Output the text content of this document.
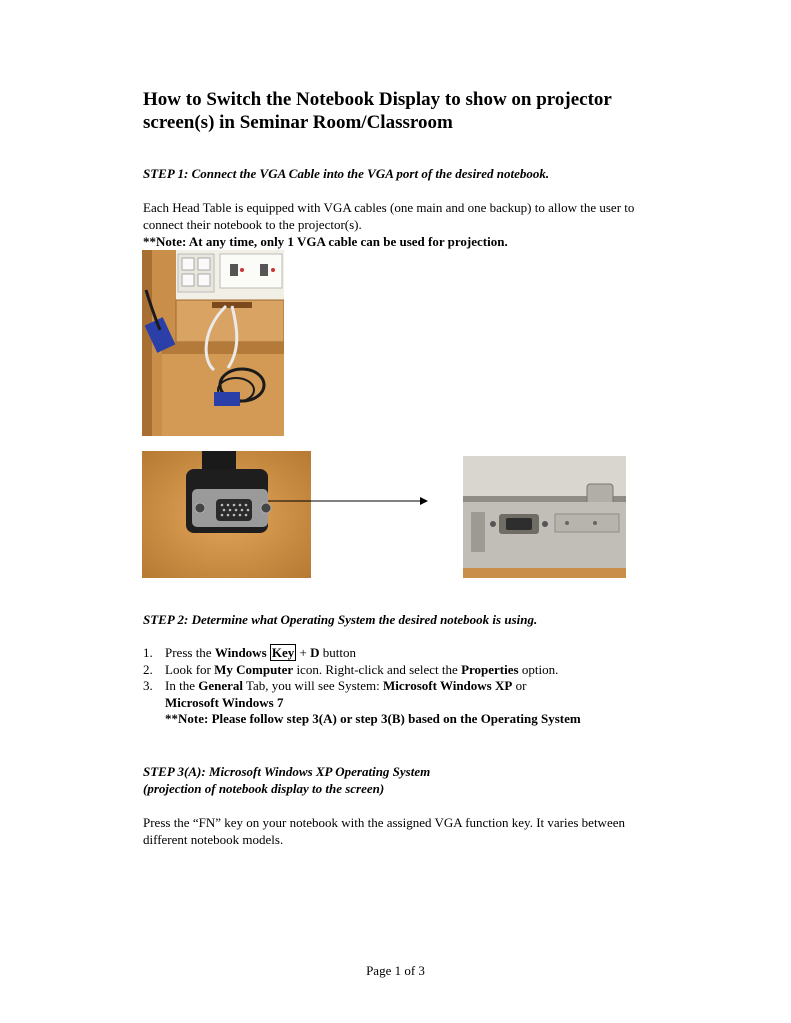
How to Switch the Notebook Display to show on projector screen(s) in Seminar Room/Classroom
STEP 1: Connect the VGA Cable into the VGA port of the desired notebook.
Each Head Table is equipped with VGA cables (one main and one backup) to allow the user to connect their notebook to the projector(s).
**Note: At any time, only 1 VGA cable can be used for projection.
STEP 2: Determine what Operating System the desired notebook is using.
1. Press the Windows Key + D button
2. Look for My Computer icon. Right-click and select the Properties option.
3. In the General Tab, you will see System: Microsoft Windows XP or
Microsoft Windows 7
**Note: Please follow step 3(A) or step 3(B) based on the Operating System
STEP 3(A): Microsoft Windows XP Operating System
(projection of notebook display to the screen)
Press the “FN” key on your notebook with the assigned VGA function key. It varies between different notebook models.
Page 1 of 3
